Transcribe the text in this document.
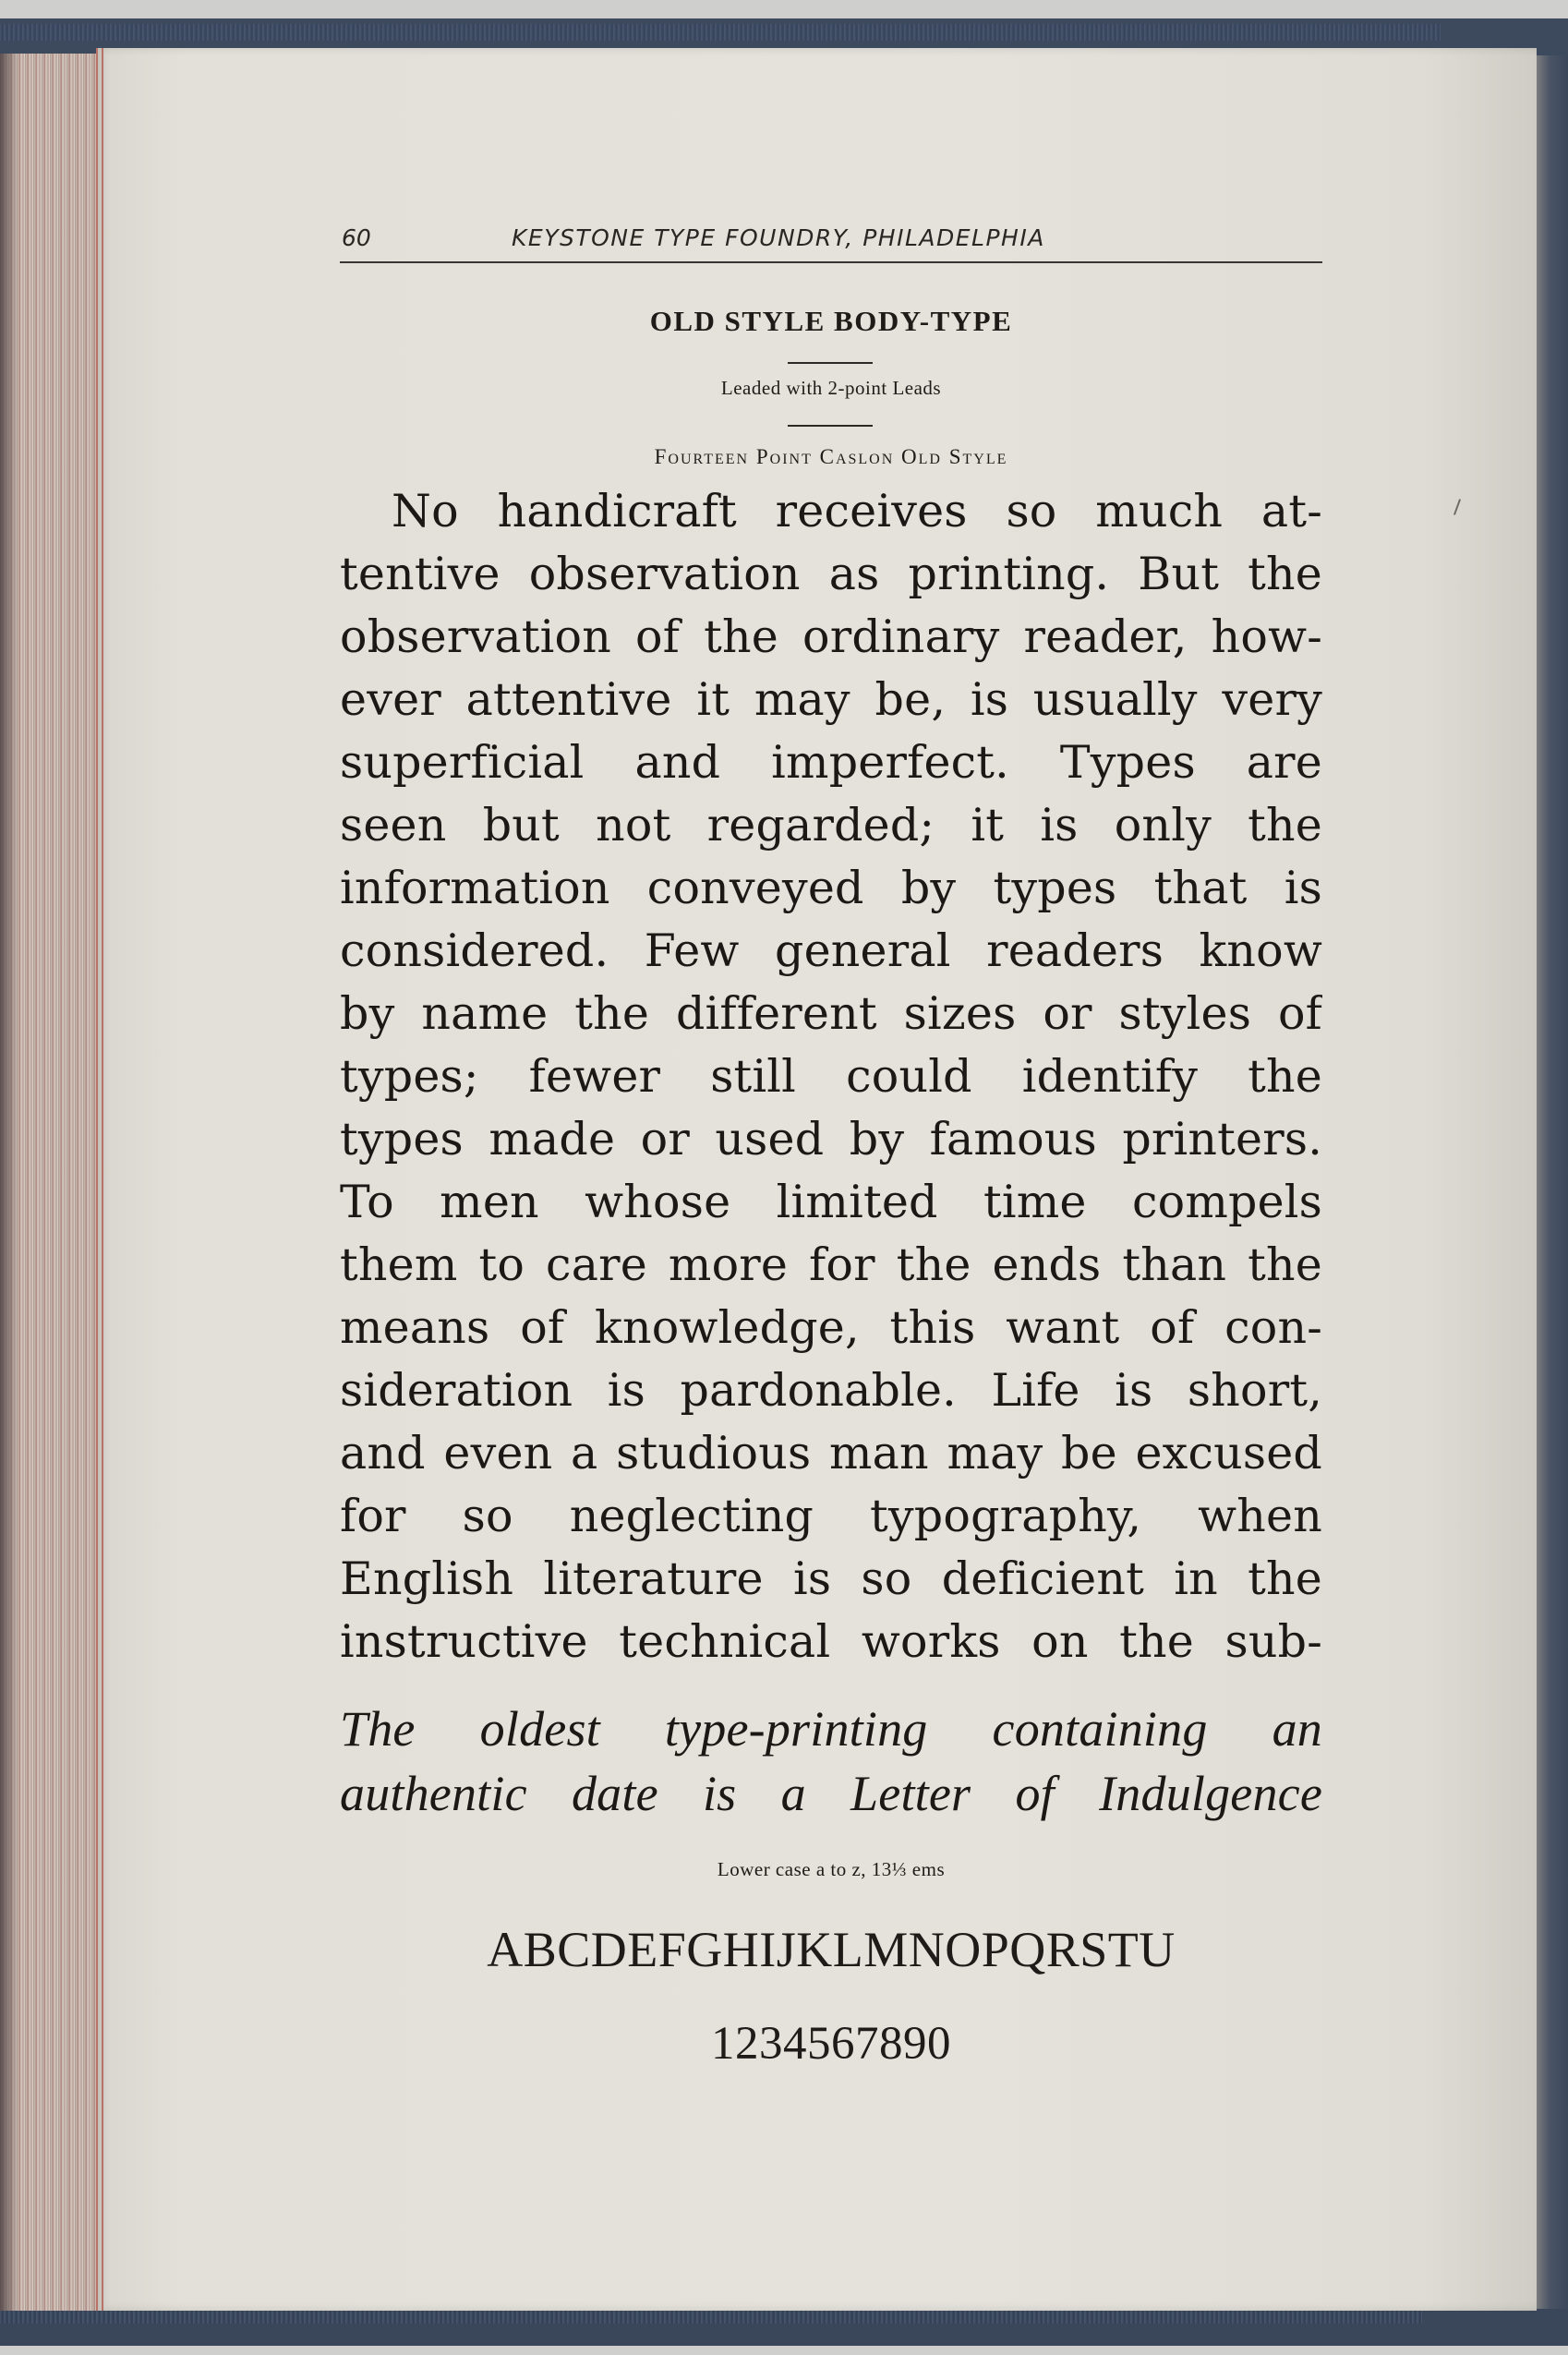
60	KEYSTONE TYPE FOUNDRY, PHILADELPHIA
OLD STYLE BODY-TYPE
Leaded with 2-point Leads
Fourteen Point Caslon Old Style
No handicraft receives so much at-
tentive observation as printing. But the
observation of the ordinary reader, how-
ever attentive it may be, is usually very
superficial and imperfect. Types are
seen but not regarded; it is only the
information conveyed by types that is
considered. Few general readers know
by name the different sizes or styles of
types; fewer still could identify the
types made or used by famous printers.
To men whose limited time compels
them to care more for the ends than the
means of knowledge, this want of con-
sideration is pardonable. Life is short,
and even a studious man may be excused
for so neglecting typography, when
English literature is so deficient in the
instructive technical works on the sub-
The oldest type-printing containing an
authentic date is a Letter of Indulgence
Lower case a to z, 13⅓ ems
ABCDEFGHIJKLMNOPQRSTU
1234567890
